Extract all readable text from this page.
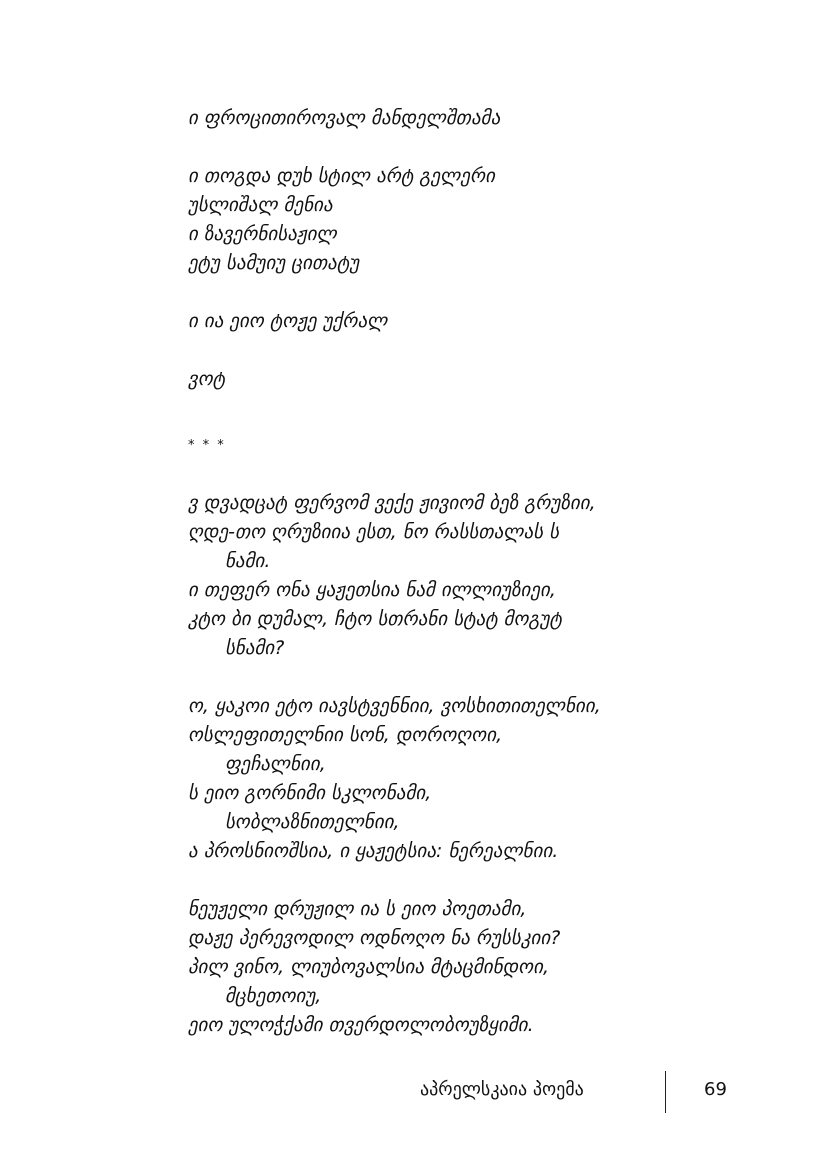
ი ფროცითიროვალ მანდელშთამა
ი თოგდა დუხ სტილ არტ გელერი
უსლიშალ მენია
ი ზავერნისაჟილ
ეტუ სამუიუ ცითატუ
ი ია ეიო ტოჟე უქრალ
ვოტ
* * *
ვ დვადცატ ფერვომ ვექე ჟივიომ ბეზ გრუზიი,
ღდე-თო ღრუზიია ესთ, ნო რასსთალას ს
ნამი.
ი თეფერ ონა ყაჟეთსია ნამ ილლიუზიეი,
კტო ბი დუმალ, ჩტო სთრანი სტატ მოგუტ
სნამი?
ო, ყაკოი ეტო იავსტვენნიი, ვოსხითითელნიი,
ოსლეფითელნიი სონ, დოროღოი,
ფეჩალნიი,
ს ეიო გორნიმი სკლონამი,
სობლაზნითელნიი,
ა პროსნიოშსია, ი ყაჟეტსია: ნერეალნიი.
ნეუჟელი დრუჟილ ია ს ეიო პოეთამი,
დაჟე პერევოდილ ოდნოღო ნა რუსსკიი?
პილ ვინო, ლიუბოვალსია მტაცმინდოი,
მცხეთოიუ,
ეიო ულოჭქამი თვერდოლობოუზყიმი.
აპრელსკაია პოემა	69
